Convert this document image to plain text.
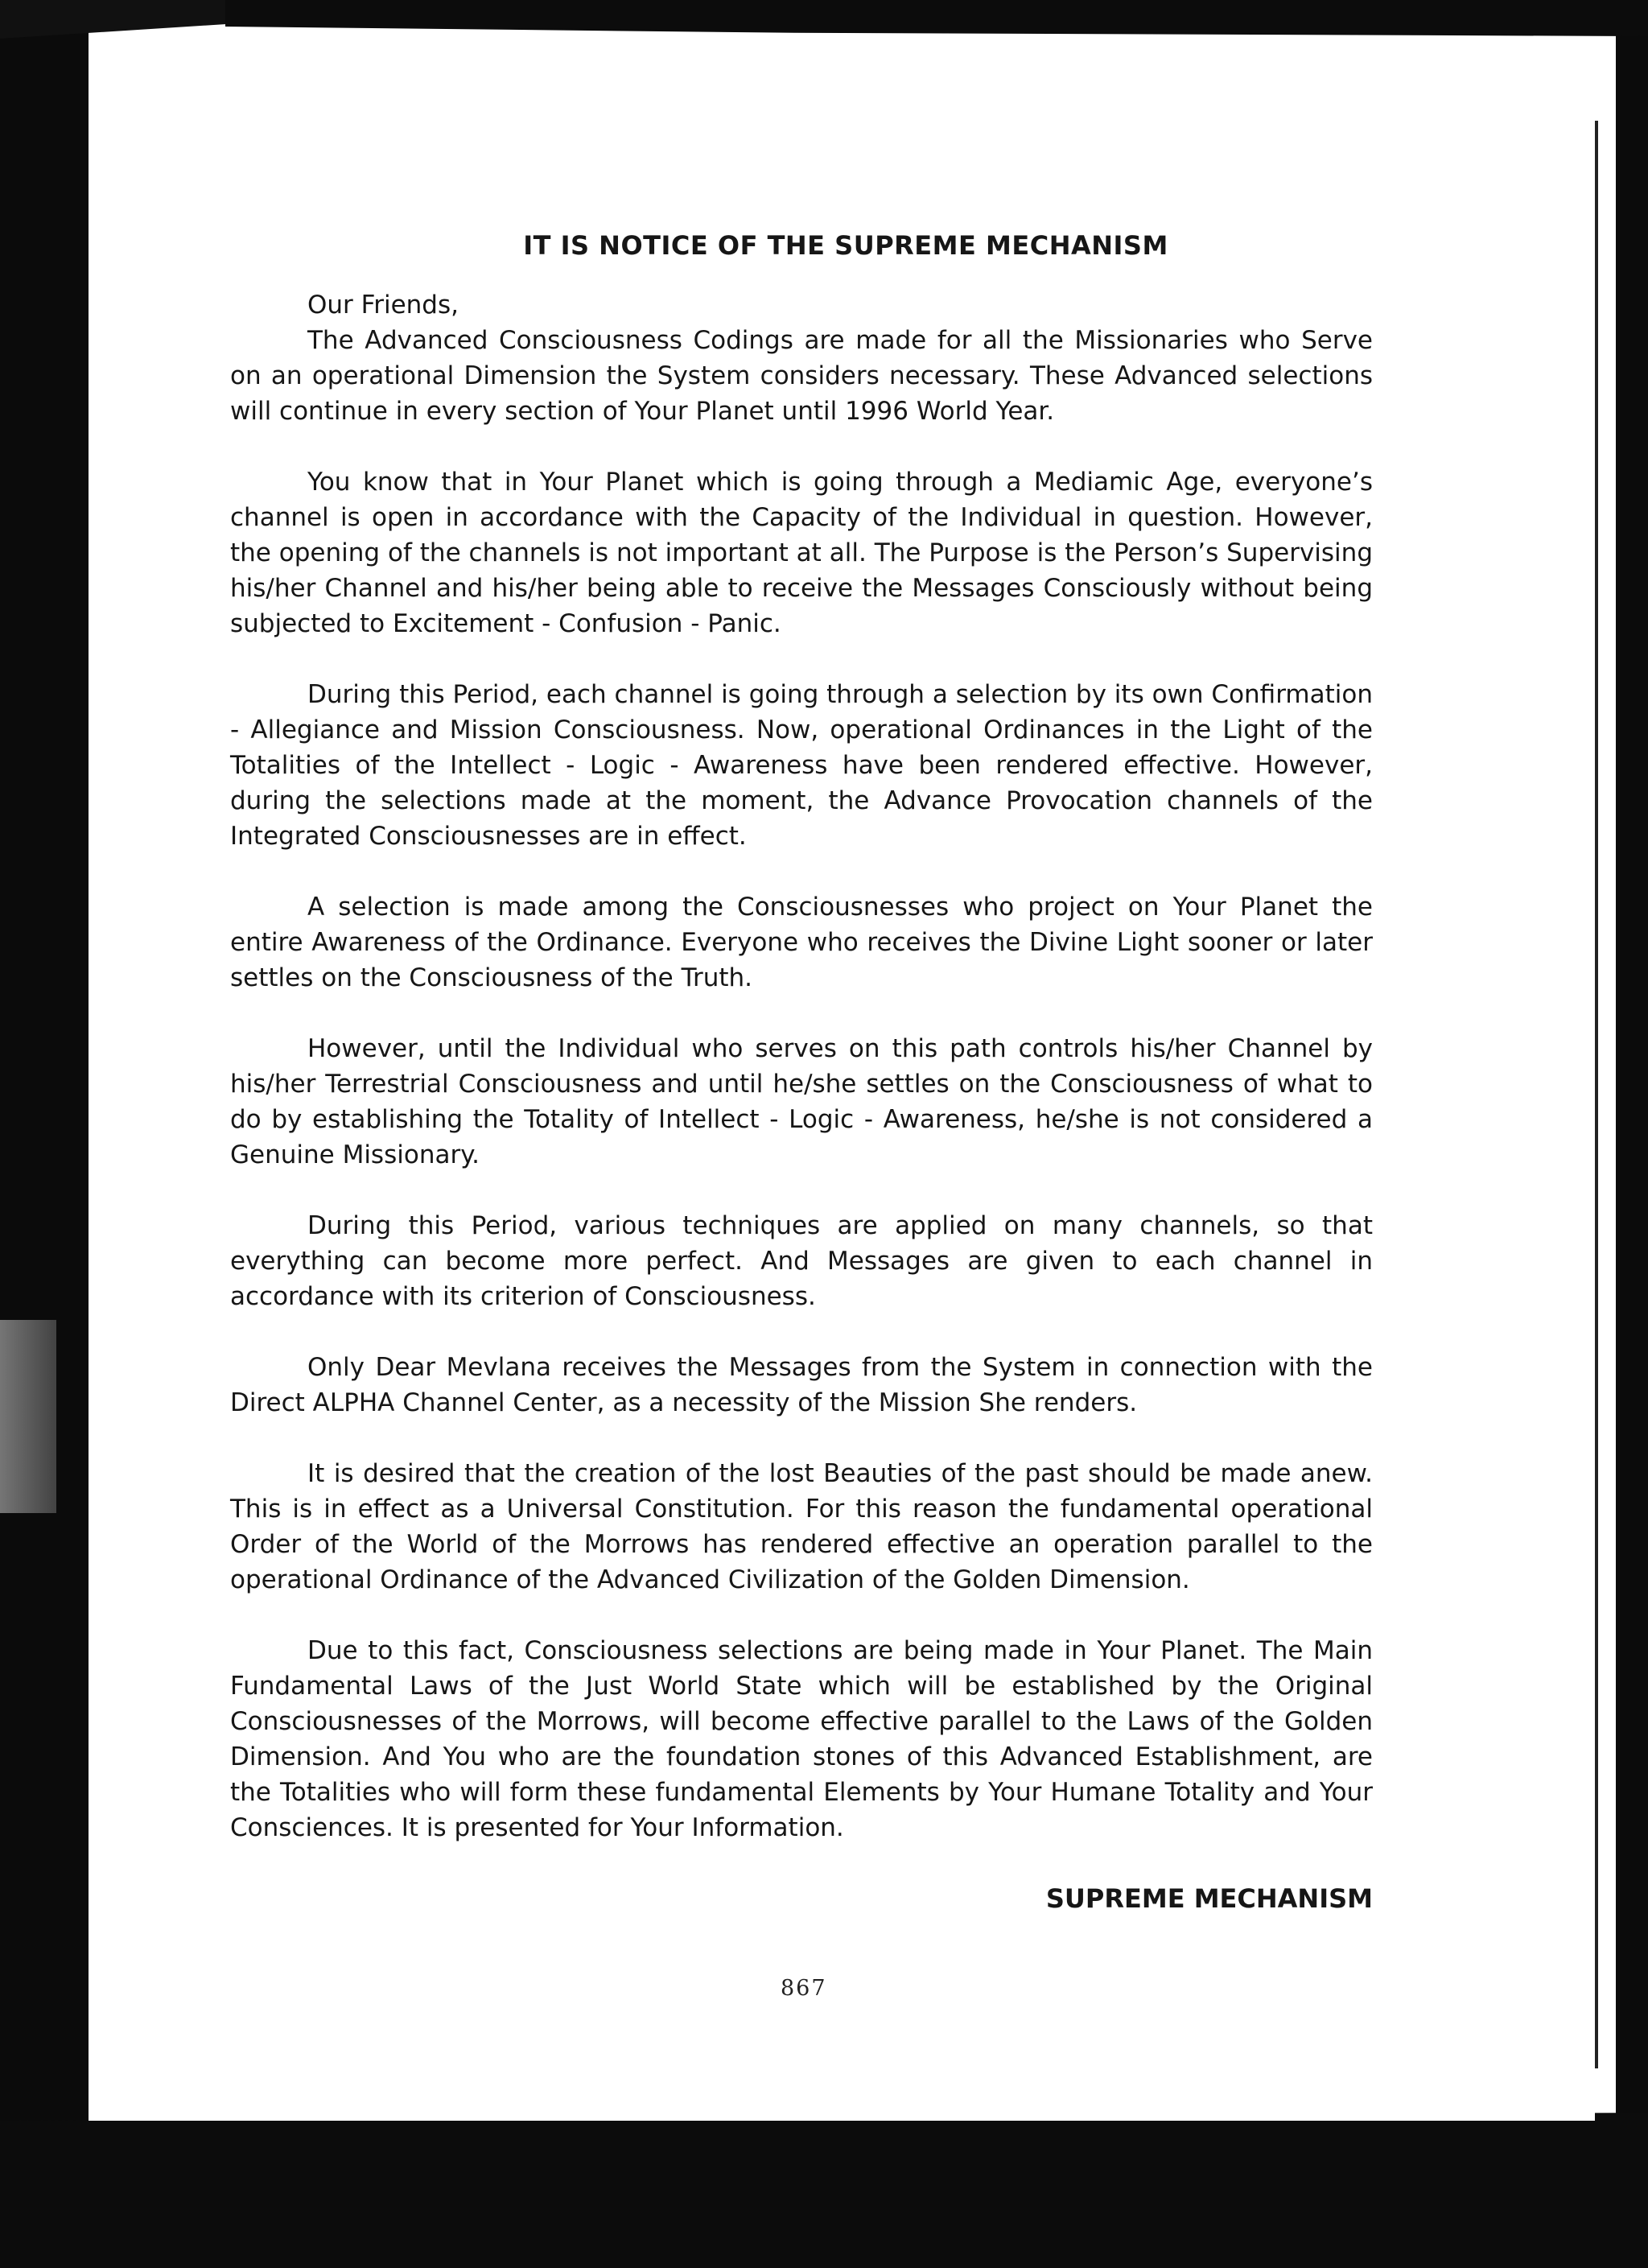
IT IS NOTICE OF THE SUPREME MECHANISM

Our Friends,

The Advanced Consciousness Codings are made for all the Missionaries who Serve on an operational Dimension the System considers necessary. These Advanced selections will continue in every section of Your Planet until 1996 World Year.

You know that in Your Planet which is going through a Mediamic Age, everyone’s channel is open in accordance with the Capacity of the Individual in question. However, the opening of the channels is not important at all. The Purpose is the Person’s Supervising his/her Channel and his/her being able to receive the Messages Consciously without being subjected to Excitement - Confusion - Panic.

During this Period, each channel is going through a selection by its own Confirmation - Allegiance and Mission Consciousness. Now, operational Ordinances in the Light of the Totalities of the Intellect - Logic - Awareness have been rendered effective. However, during the selections made at the moment, the Advance Provocation channels of the Integrated Consciousnesses are in effect.

A selection is made among the Consciousnesses who project on Your Planet the entire Awareness of the Ordinance. Everyone who receives the Divine Light sooner or later settles on the Consciousness of the Truth.

However, until the Individual who serves on this path controls his/her Channel by his/her Terrestrial Consciousness and until he/she settles on the Consciousness of what to do by establishing the Totality of Intellect - Logic - Awareness, he/she is not considered a Genuine Missionary.

During this Period, various techniques are applied on many channels, so that everything can become more perfect. And Messages are given to each channel in accordance with its criterion of Consciousness.

Only Dear Mevlana receives the Messages from the System in connection with the Direct ALPHA Channel Center, as a necessity of the Mission She renders.

It is desired that the creation of the lost Beauties of the past should be made anew. This is in effect as a Universal Constitution. For this reason the fundamental operational Order of the World of the Morrows has rendered effective an operation parallel to the operational Ordinance of the Advanced Civilization of the Golden Dimension.

Due to this fact, Consciousness selections are being made in Your Planet. The Main Fundamental Laws of the Just World State which will be established by the Original Consciousnesses of the Morrows, will become effective parallel to the Laws of the Golden Dimension. And You who are the foundation stones of this Advanced Establishment, are the Totalities who will form these fundamental Elements by Your Humane Totality and Your Consciences. It is presented for Your Information.

SUPREME MECHANISM
867
